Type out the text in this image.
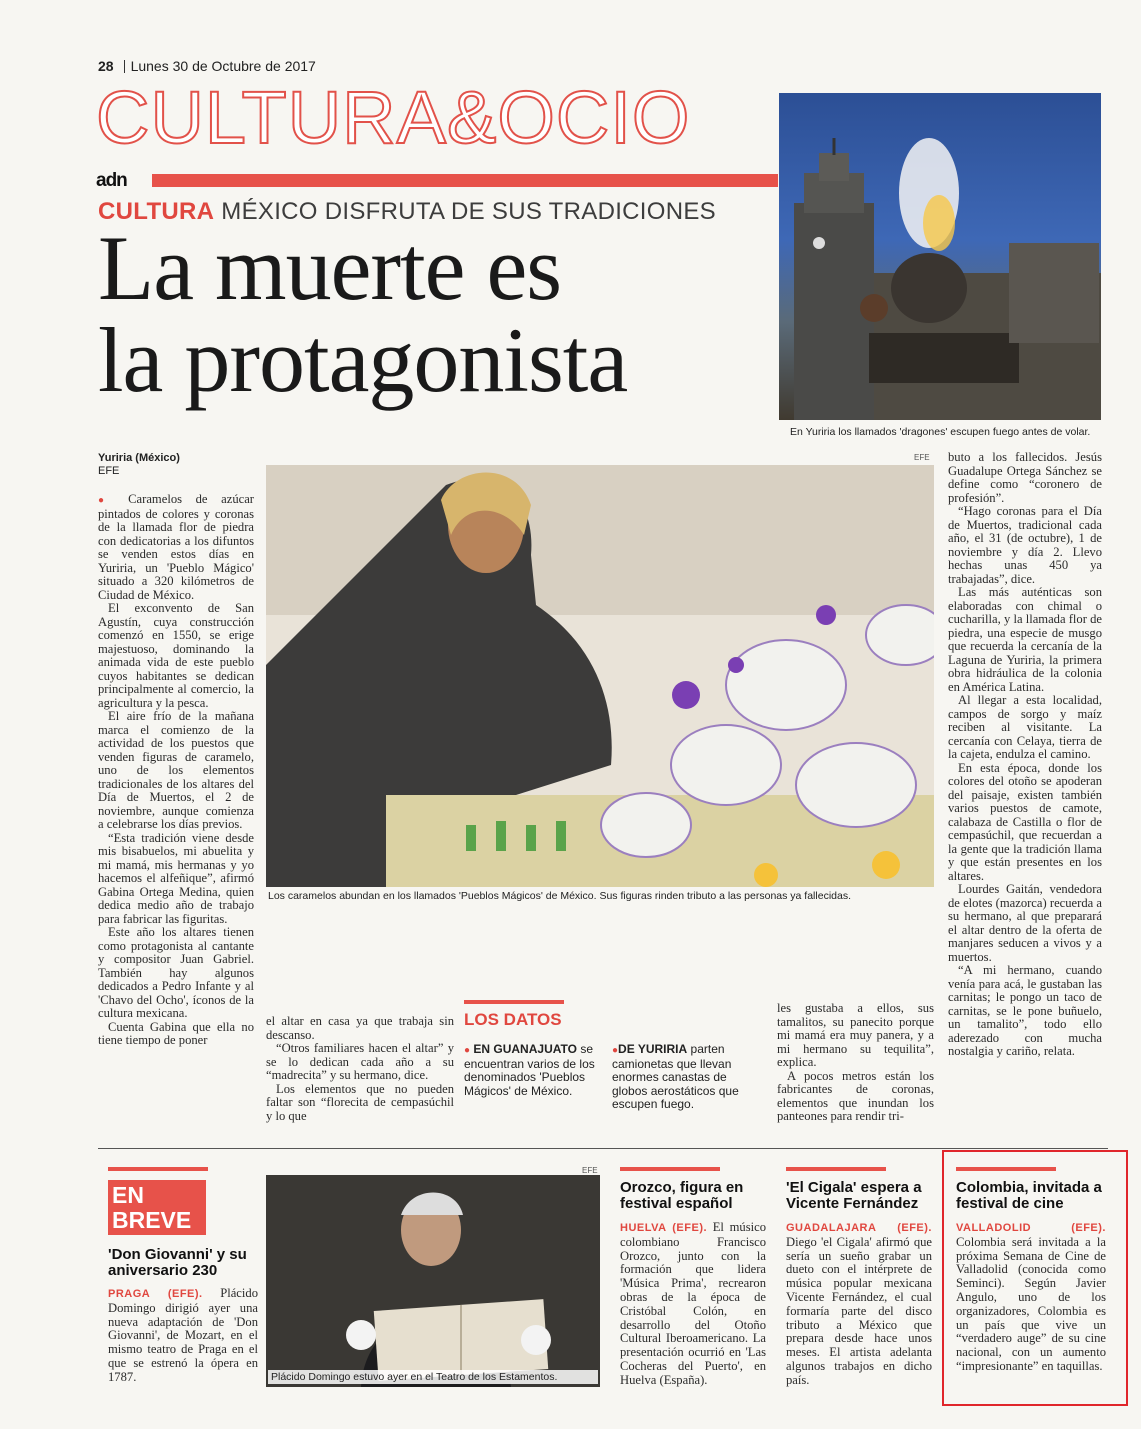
28 Lunes 30 de Octubre de 2017
CULTURA&OCIO
adn
CULTURA MÉXICO DISFRUTA DE SUS TRADICIONES
La muerte es
la protagonista
En Yuriria los llamados 'dragones' escupen fuego antes de volar.
Yuriria (México)
EFE

● Caramelos de azúcar pintados de colores y coronas de la llamada flor de piedra con dedicatorias a los difuntos se venden estos días en Yuriria, un 'Pueblo Mágico' situado a 320 kilómetros de Ciudad de México.

El exconvento de San Agustín, cuya construcción comenzó en 1550, se erige majestuoso, dominando la animada vida de este pueblo cuyos habitantes se dedican principalmente al comercio, la agricultura y la pesca.

El aire frío de la mañana marca el comienzo de la actividad de los puestos que venden figuras de caramelo, uno de los elementos tradicionales de los altares del Día de Muertos, el 2 de noviembre, aunque comienza a celebrarse los días previos.

“Esta tradición viene desde mis bisabuelos, mi abuelita y mi mamá, mis hermanas y yo hacemos el alfeñique”, afirmó Gabina Ortega Medina, quien dedica medio año de trabajo para fabricar las figuritas.

Este año los altares tienen como protagonista al cantante y compositor Juan Gabriel. También hay algunos dedicados a Pedro Infante y al 'Chavo del Ocho', íconos de la cultura mexicana.

Cuenta Gabina que ella no tiene tiempo de poner

EFE
Los caramelos abundan en los llamados 'Pueblos Mágicos' de México. Sus figuras rinden tributo a las personas ya fallecidas.

el altar en casa ya que trabaja sin descanso.

“Otros familiares hacen el altar” y se lo dedican cada año a su “madrecita” y su hermano, dice.

Los elementos que no pueden faltar son “florecita de cempasúchil y lo que

LOS DATOS
● EN GUANAJUATO se encuentran varios de los denominados 'Pueblos Mágicos' de México.
●DE YURIRIA parten camionetas que llevan enormes canastas de globos aerostáticos que escupen fuego.

les gustaba a ellos, sus tamalitos, su panecito porque mi mamá era muy panera, y a mi hermano su tequilita”, explica.

A pocos metros están los fabricantes de coronas, elementos que inundan los panteones para rendir tri-

buto a los fallecidos. Jesús Guadalupe Ortega Sánchez se define como “coronero de profesión”.

“Hago coronas para el Día de Muertos, tradicional cada año, el 31 (de octubre), 1 de noviembre y día 2. Llevo hechas unas 450 ya trabajadas”, dice.

Las más auténticas son elaboradas con chimal o cucharilla, y la llamada flor de piedra, una especie de musgo que recuerda la cercanía de la Laguna de Yuriria, la primera obra hidráulica de la colonia en América Latina.

Al llegar a esta localidad, campos de sorgo y maíz reciben al visitante. La cercanía con Celaya, tierra de la cajeta, endulza el camino.

En esta época, donde los colores del otoño se apoderan del paisaje, existen también varios puestos de camote, calabaza de Castilla o flor de cempasúchil, que recuerdan a la gente que la tradición llama y que están presentes en los altares.

Lourdes Gaitán, vendedora de elotes (mazorca) recuerda a su hermano, al que preparará el altar dentro de la oferta de manjares seducen a vivos y a muertos.

“A mi hermano, cuando venía para acá, le gustaban las carnitas; le pongo un taco de carnitas, se le pone buñuelo, un tamalito”, todo ello aderezado con mucha nostalgia y cariño, relata.

EN
BREVE
'Don Giovanni' y su aniversario 230
PRAGA (EFE). Plácido Domingo dirigió ayer una nueva adaptación de 'Don Giovanni', de Mozart, en el mismo teatro de Praga en el que se estrenó la ópera en 1787.
EFE
Plácido Domingo estuvo ayer en el Teatro de los Estamentos.
Orozco, figura en festival español
HUELVA (EFE). El músico colombiano Francisco Orozco, junto con la formación que lidera 'Música Prima', recrearon obras de la época de Cristóbal Colón, en desarrollo del Otoño Cultural Iberoamericano. La presentación ocurrió en 'Las Cocheras del Puerto', en Huelva (España).
'El Cigala' espera a Vicente Fernández
GUADALAJARA (EFE). Diego 'el Cigala' afirmó que sería un sueño grabar un dueto con el intérprete de música popular mexicana Vicente Fernández, el cual formaría parte del disco tributo a México que prepara desde hace unos meses. El artista adelanta algunos trabajos en dicho país.
Colombia, invitada a festival de cine
VALLADOLID (EFE). Colombia será invitada a la próxima Semana de Cine de Valladolid (conocida como Seminci). Según Javier Angulo, uno de los organizadores, Colombia es un país que vive un “verdadero auge” de su cine nacional, con un aumento “impresionante” en taquillas.
